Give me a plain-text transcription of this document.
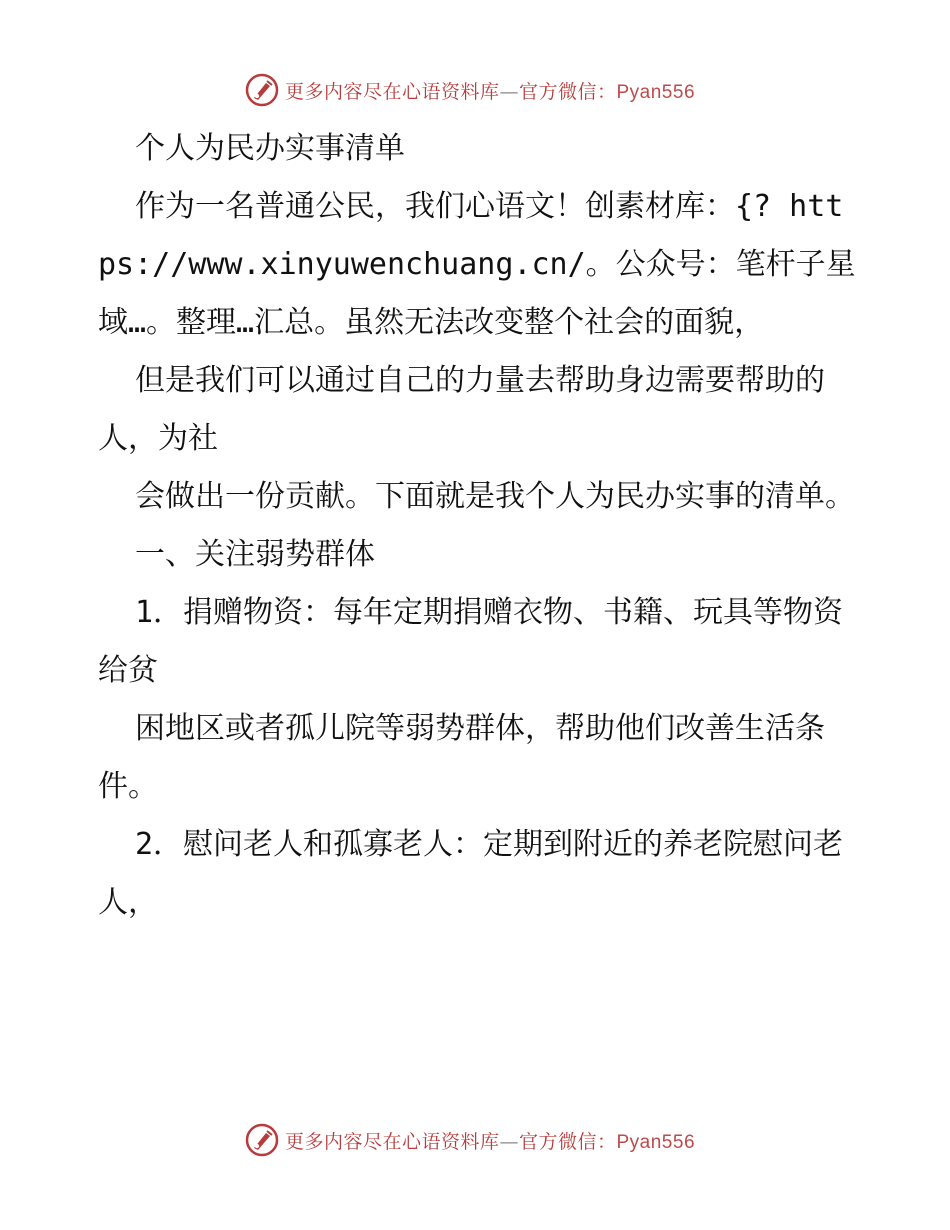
更多内容尽在心语资料库—官方微信：Pyan556

个人为民办实事清单

作为一名普通公民，我们心语文！创素材库：{? https://www.xinyuwenchuang.cn/。公众号：笔杆子星域…。整理…汇总。虽然无法改变整个社会的面貌，

但是我们可以通过自己的力量去帮助身边需要帮助的人，为社

会做出一份贡献。下面就是我个人为民办实事的清单。

一、关注弱势群体

1．捐赠物资：每年定期捐赠衣物、书籍、玩具等物资给贫

困地区或者孤儿院等弱势群体，帮助他们改善生活条件。

2．慰问老人和孤寡老人：定期到附近的养老院慰问老人，

更多内容尽在心语资料库—官方微信：Pyan556
